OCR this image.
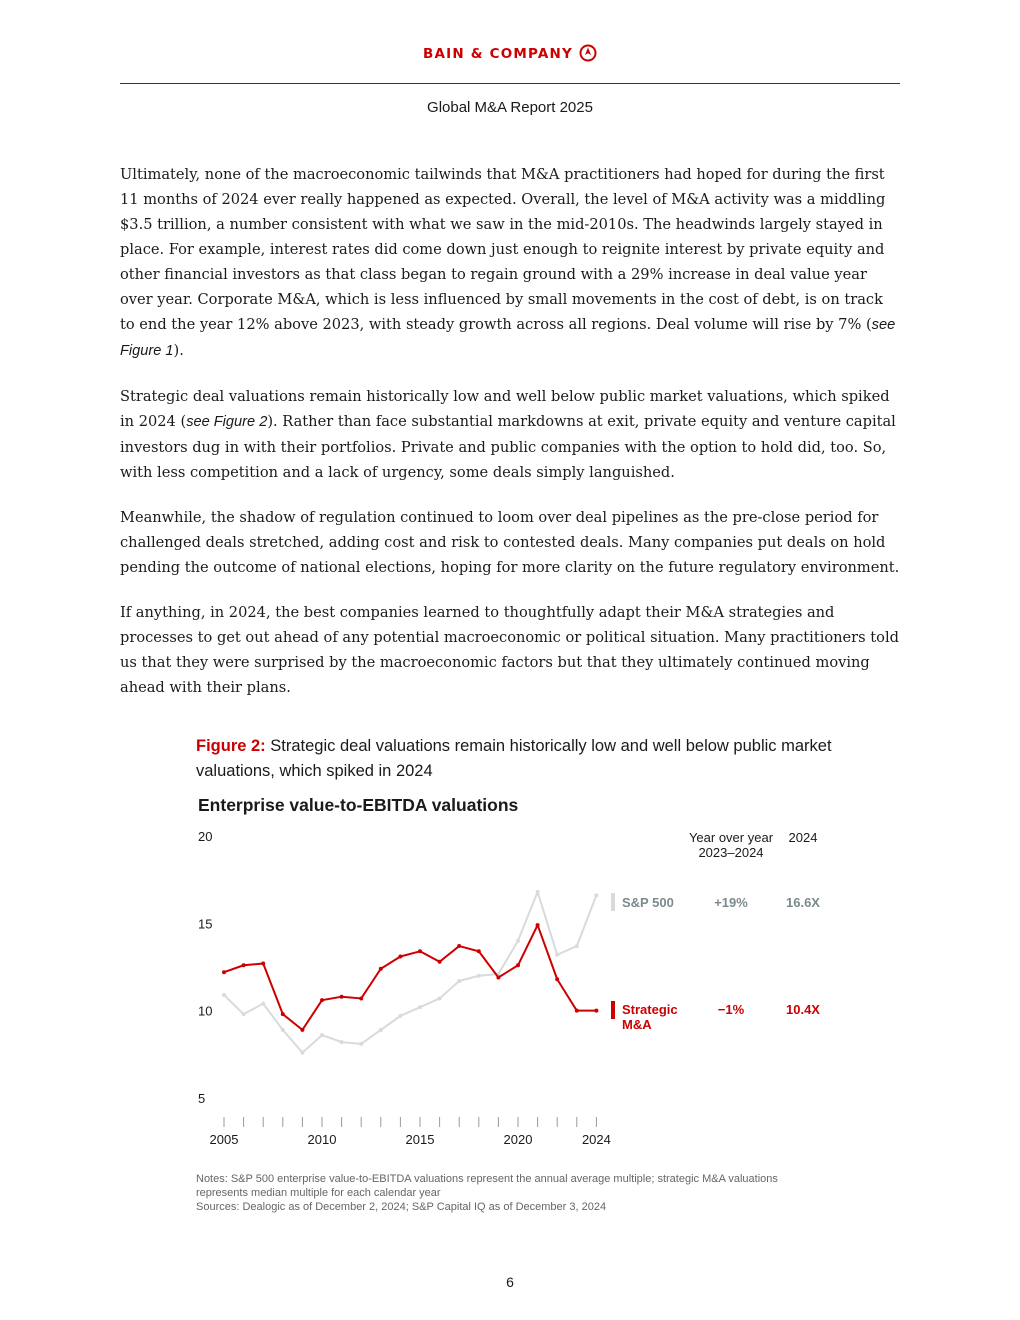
BAIN & COMPANY
Global M&A Report 2025

Ultimately, none of the macroeconomic tailwinds that M&A practitioners had hoped for during the first 11 months of 2024 ever really happened as expected. Overall, the level of M&A activity was a middling $3.5 trillion, a number consistent with what we saw in the mid-2010s. The headwinds largely stayed in place. For example, interest rates did come down just enough to reignite interest by private equity and other financial investors as that class began to regain ground with a 29% increase in deal value year over year. Corporate M&A, which is less influenced by small movements in the cost of debt, is on track to end the year 12% above 2023, with steady growth across all regions. Deal volume will rise by 7% (see Figure 1).

Strategic deal valuations remain historically low and well below public market valuations, which spiked in 2024 (see Figure 2). Rather than face substantial markdowns at exit, private equity and venture capital investors dug in with their portfolios. Private and public companies with the option to hold did, too. So, with less competition and a lack of urgency, some deals simply languished.

Meanwhile, the shadow of regulation continued to loom over deal pipelines as the pre-close period for challenged deals stretched, adding cost and risk to contested deals. Many companies put deals on hold pending the outcome of national elections, hoping for more clarity on the future regulatory environment.

If anything, in 2024, the best companies learned to thoughtfully adapt their M&A strategies and processes to get out ahead of any potential macroeconomic or political situation. Many practitioners told us that they were surprised by the macroeconomic factors but that they ultimately continued moving ahead with their plans.

Figure 2: Strategic deal valuations remain historically low and well below public market valuations, which spiked in 2024
Enterprise value-to-EBITDA valuations
20
15
10
5
2005	2010	2015	2020	2024
Year over year
2023–2024
2024
S&P 500	+19%	16.6X
Strategic
M&A
−1%	10.4X
Notes: S&P 500 enterprise value-to-EBITDA valuations represent the annual average multiple; strategic M&A valuations represents median multiple for each calendar year
Sources: Dealogic as of December 2, 2024; S&P Capital IQ as of December 3, 2024
6
